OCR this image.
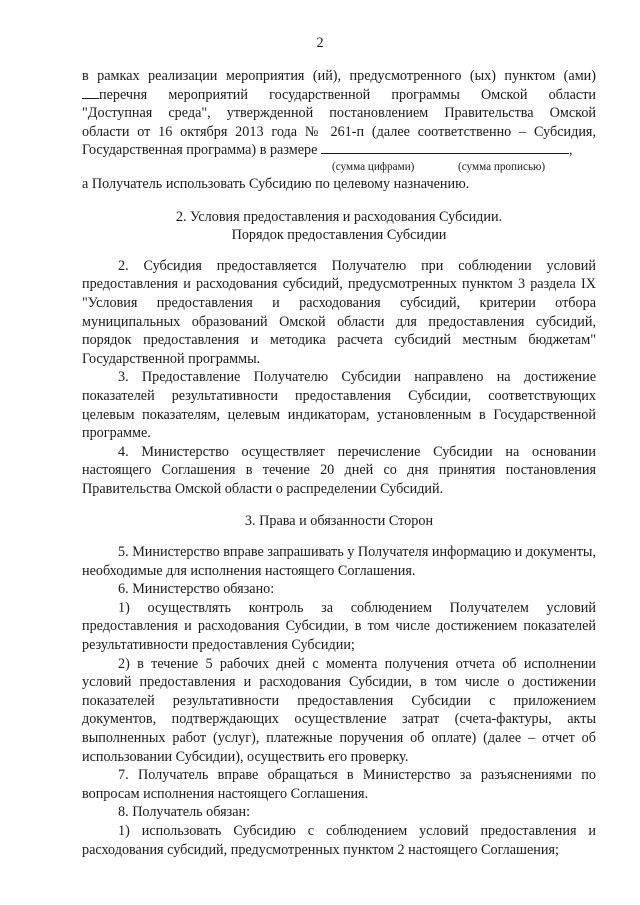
2
в рамках реализации мероприятия (ий), предусмотренного (ых) пунктом (ами)
перечня мероприятий государственной программы Омской области
"Доступная среда", утвержденной постановлением Правительства Омской
области от 16 октября 2013 года № 261-п (далее соответственно – Субсидия,
Государственная программа) в размере	,
(сумма цифрами)	(сумма прописью)
а Получатель использовать Субсидию по целевому назначению.
2. Условия предоставления и расходования Субсидии.
Порядок предоставления Субсидии
2. Субсидия предоставляется Получателю при соблюдении условий предоставления и расходования субсидий, предусмотренных пунктом 3 раздела IX "Условия предоставления и расходования субсидий, критерии отбора муниципальных образований Омской области для предоставления субсидий, порядок предоставления и методика расчета субсидий местным бюджетам" Государственной программы.
3. Предоставление Получателю Субсидии направлено на достижение показателей результативности предоставления Субсидии, соответствующих целевым показателям, целевым индикаторам, установленным в Государственной программе.
4. Министерство осуществляет перечисление Субсидии на основании настоящего Соглашения в течение 20 дней со дня принятия постановления Правительства Омской области о распределении Субсидий.
3. Права и обязанности Сторон
5. Министерство вправе запрашивать у Получателя информацию и документы, необходимые для исполнения настоящего Соглашения.
6. Министерство обязано:
1) осуществлять контроль за соблюдением Получателем условий предоставления и расходования Субсидии, в том числе достижением показателей результативности предоставления Субсидии;
2) в течение 5 рабочих дней с момента получения отчета об исполнении условий предоставления и расходования Субсидии, в том числе о достижении показателей результативности предоставления Субсидии с приложением документов, подтверждающих осуществление затрат (счета-фактуры, акты выполненных работ (услуг), платежные поручения об оплате) (далее – отчет об использовании Субсидии), осуществить его проверку.
7. Получатель вправе обращаться в Министерство за разъяснениями по вопросам исполнения настоящего Соглашения.
8. Получатель обязан:
1) использовать Субсидию с соблюдением условий предоставления и расходования субсидий, предусмотренных пунктом 2 настоящего Соглашения;
